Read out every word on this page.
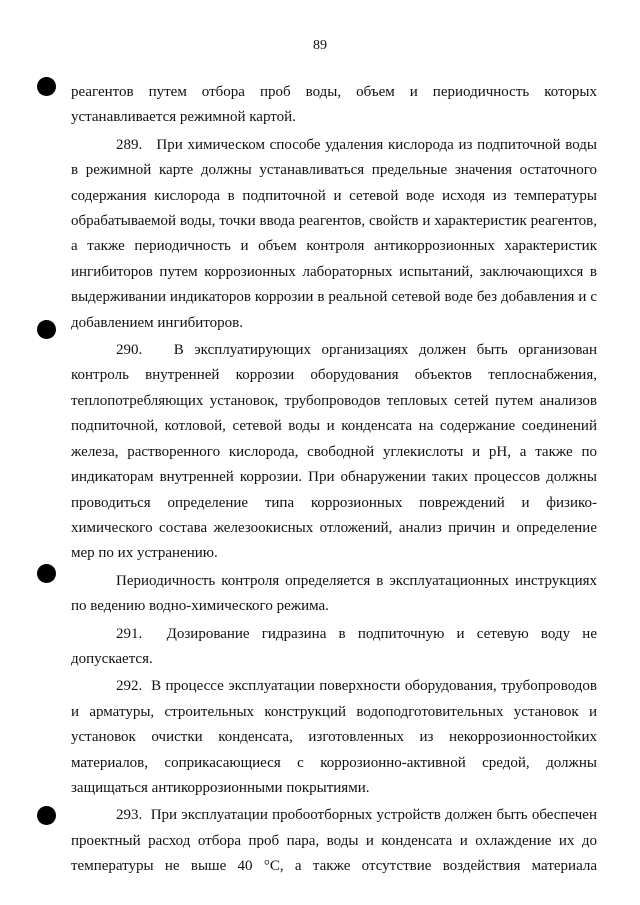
89

реагентов путем отбора проб воды, объем и периодичность которых устанавливается режимной картой.

289.   При химическом способе удаления кислорода из подпиточной воды в режимной карте должны устанавливаться предельные значения остаточного содержания кислорода в подпиточной и сетевой воде исходя из температуры обрабатываемой воды, точки ввода реагентов, свойств и характеристик реагентов, а также периодичность и объем контроля антикоррозионных характеристик ингибиторов путем коррозионных лабораторных испытаний, заключающихся в выдерживании индикаторов коррозии в реальной сетевой воде без добавления и с добавлением ингибиторов.

290.   В эксплуатирующих организациях должен быть организован контроль внутренней коррозии оборудования объектов теплоснабжения, теплопотребляющих установок, трубопроводов тепловых сетей путем анализов подпиточной, котловой, сетевой воды и конденсата на содержание соединений железа, растворенного кислорода, свободной углекислоты и pH, а также по индикаторам внутренней коррозии. При обнаружении таких процессов должны проводиться определение типа коррозионных повреждений и физико-химического состава железоокисных отложений, анализ причин и определение мер по их устранению.

Периодичность контроля определяется в эксплуатационных инструкциях по ведению водно-химического режима.

291.  Дозирование гидразина в подпиточную и сетевую воду не допускается.

292.  В процессе эксплуатации поверхности оборудования, трубопроводов и арматуры, строительных конструкций водоподготовительных установок и установок очистки конденсата, изготовленных из некоррозионностойких материалов, соприкасающиеся с коррозионно-активной средой, должны защищаться антикоррозионными покрытиями.

293.  При эксплуатации пробоотборных устройств должен быть обеспечен проектный расход отбора проб пара, воды и конденсата и охлаждение их до температуры не выше 40 °С, а также отсутствие воздействия материала
